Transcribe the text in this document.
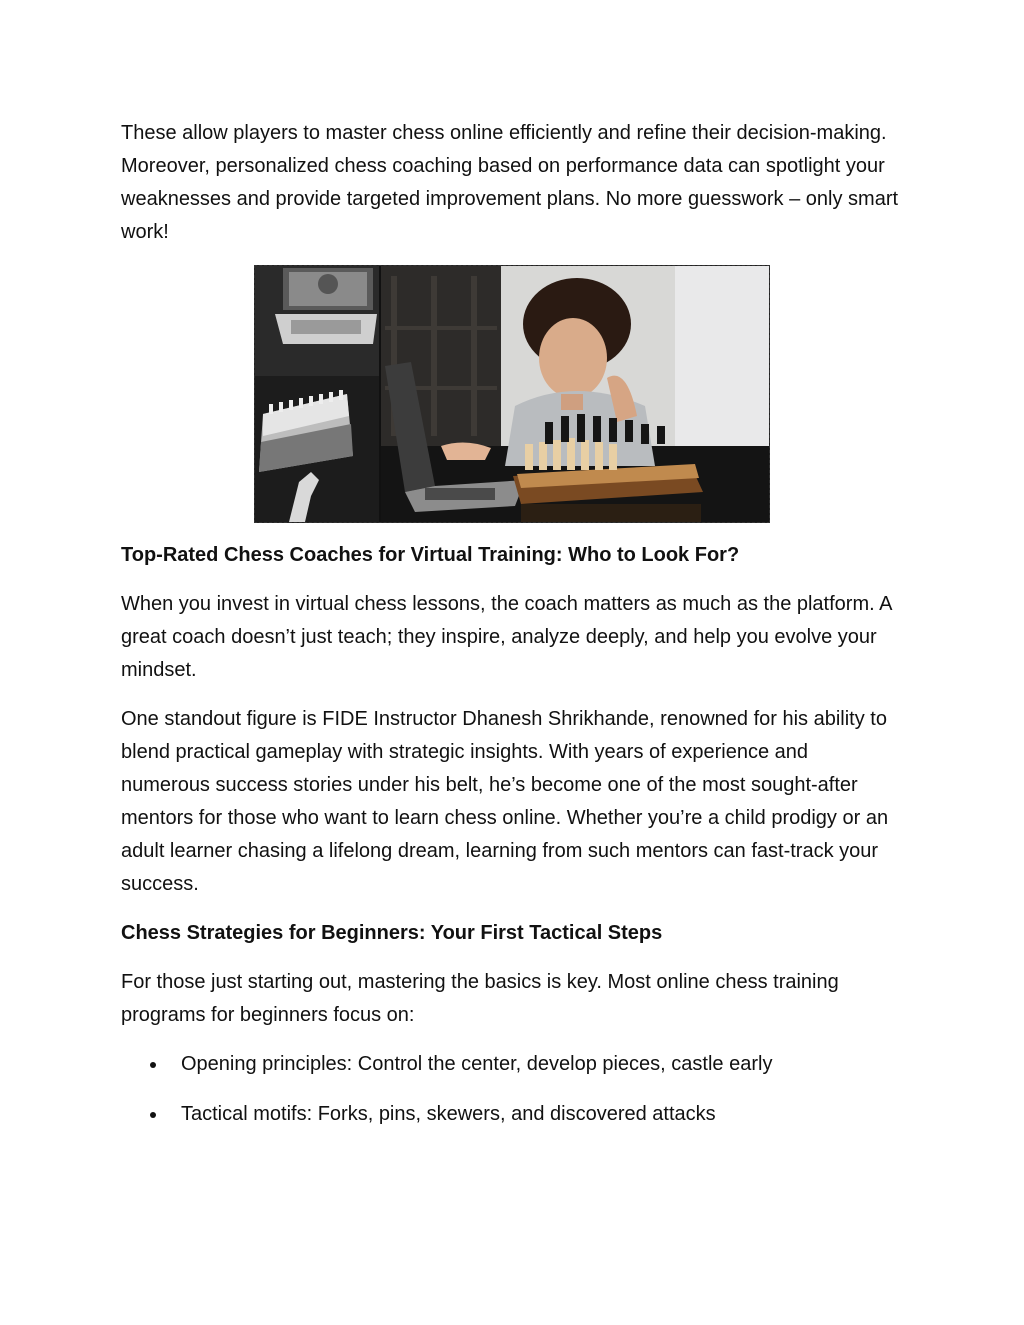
These allow players to master chess online efficiently and refine their decision-making. Moreover, personalized chess coaching based on performance data can spotlight your weaknesses and provide targeted improvement plans. No more guesswork – only smart work!

Top-Rated Chess Coaches for Virtual Training: Who to Look For?

When you invest in virtual chess lessons, the coach matters as much as the platform. A great coach doesn’t just teach; they inspire, analyze deeply, and help you evolve your mindset.

One standout figure is FIDE Instructor Dhanesh Shrikhande, renowned for his ability to blend practical gameplay with strategic insights. With years of experience and numerous success stories under his belt, he’s become one of the most sought-after mentors for those who want to learn chess online. Whether you’re a child prodigy or an adult learner chasing a lifelong dream, learning from such mentors can fast-track your success.

Chess Strategies for Beginners: Your First Tactical Steps

For those just starting out, mastering the basics is key. Most online chess training programs for beginners focus on:

Opening principles: Control the center, develop pieces, castle early
Tactical motifs: Forks, pins, skewers, and discovered attacks
